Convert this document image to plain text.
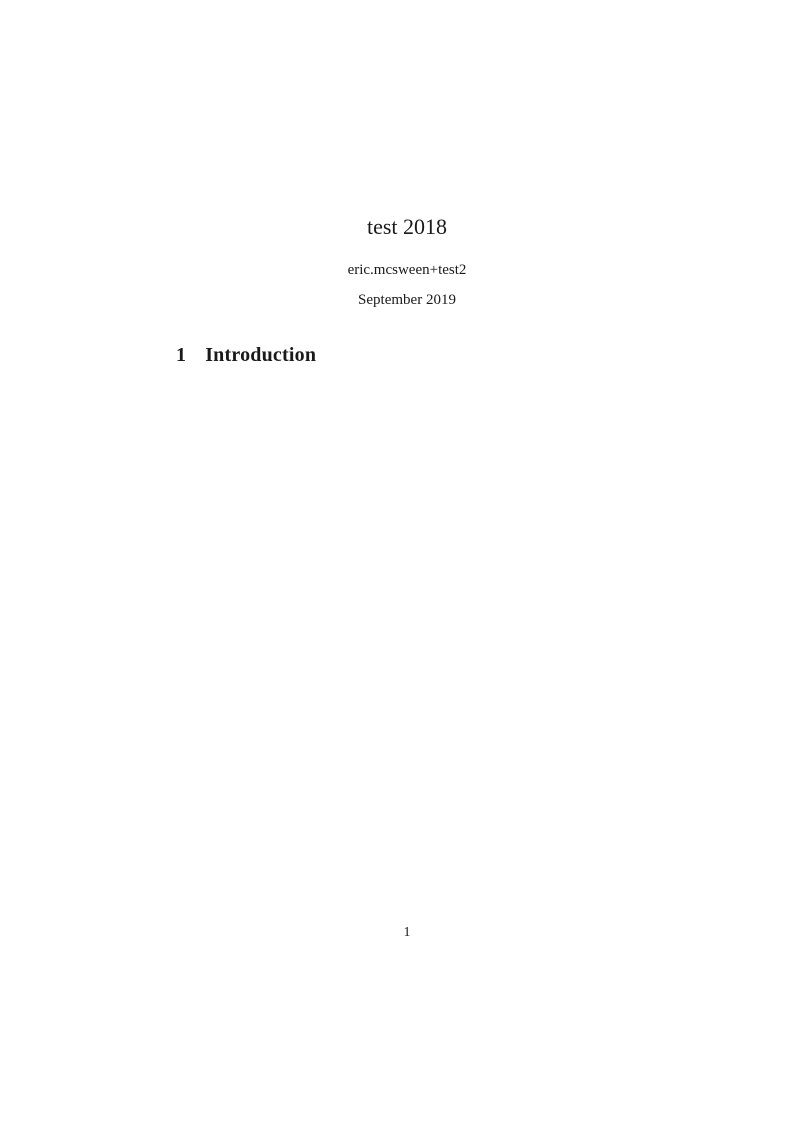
test 2018
eric.mcsween+test2
September 2019
1 Introduction
1
